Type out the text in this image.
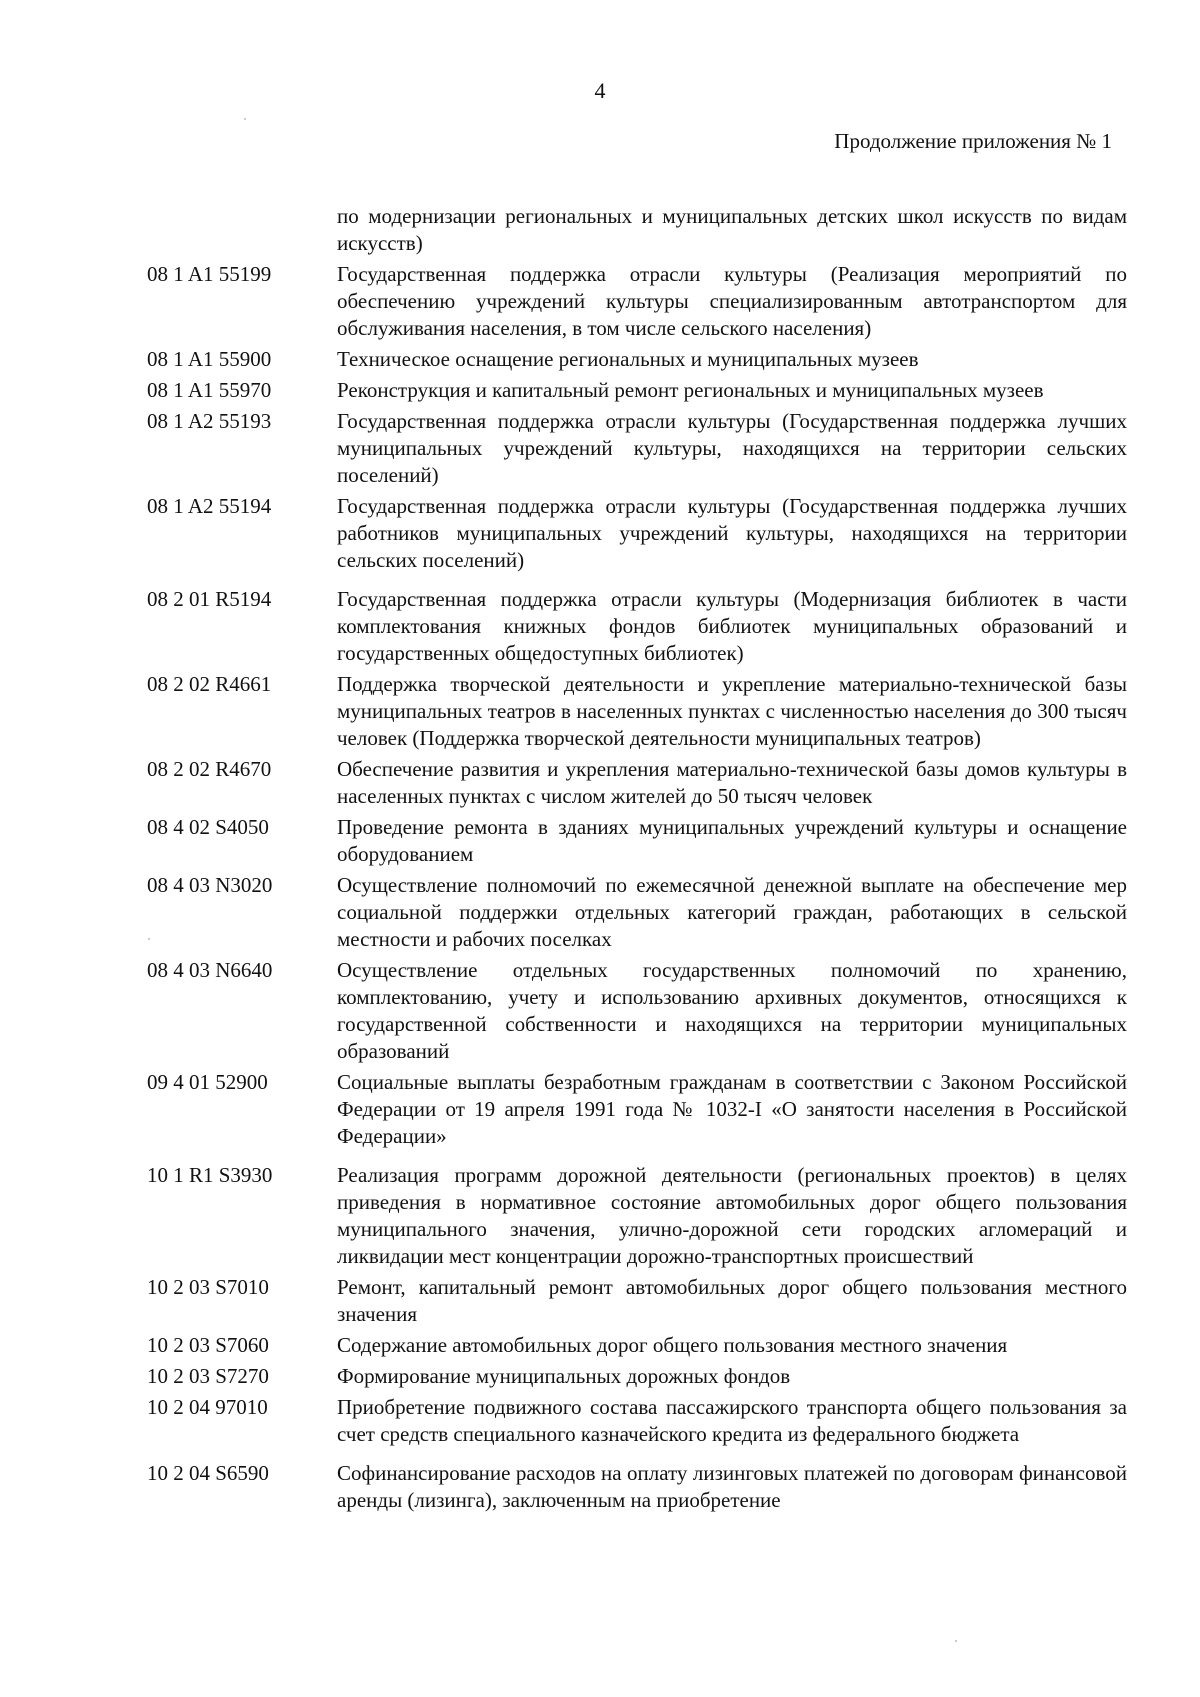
4
Продолжение приложения № 1
по модернизации региональных и муниципальных детских школ искусств по видам искусств)
08 1 A1 55199	Государственная поддержка отрасли культуры (Реализация мероприятий по обеспечению учреждений культуры специализированным автотранспортом для обслуживания населения, в том числе сельского населения)
08 1 A1 55900	Техническое оснащение региональных и муниципальных музеев
08 1 A1 55970	Реконструкция и капитальный ремонт региональных и муниципальных музеев
08 1 A2 55193	Государственная поддержка отрасли культуры (Государственная поддержка лучших муниципальных учреждений культуры, находящихся на территории сельских поселений)
08 1 A2 55194	Государственная поддержка отрасли культуры (Государственная поддержка лучших работников муниципальных учреждений культуры, находящихся на территории сельских поселений)
08 2 01 R5194	Государственная поддержка отрасли культуры (Модернизация библиотек в части комплектования книжных фондов библиотек муниципальных образований и государственных общедоступных библиотек)
08 2 02 R4661	Поддержка творческой деятельности и укрепление материально-технической базы муниципальных театров в населенных пунктах с численностью населения до 300 тысяч человек (Поддержка творческой деятельности муниципальных театров)
08 2 02 R4670	Обеспечение развития и укрепления материально-технической базы домов культуры в населенных пунктах с числом жителей до 50 тысяч человек
08 4 02 S4050	Проведение ремонта в зданиях муниципальных учреждений культуры и оснащение оборудованием
08 4 03 N3020	Осуществление полномочий по ежемесячной денежной выплате на обеспечение мер социальной поддержки отдельных категорий граждан, работающих в сельской местности и рабочих поселках
08 4 03 N6640	Осуществление отдельных государственных полномочий по хранению, комплектованию, учету и использованию архивных документов, относящихся к государственной собственности и находящихся на территории муниципальных образований
09 4 01 52900	Социальные выплаты безработным гражданам в соответствии с Законом Российской Федерации от 19 апреля 1991 года № 1032-I «О занятости населения в Российской Федерации»
10 1 R1 S3930	Реализация программ дорожной деятельности (региональных проектов) в целях приведения в нормативное состояние автомобильных дорог общего пользования муниципального значения, улично-дорожной сети городских агломераций и ликвидации мест концентрации дорожно-транспортных происшествий
10 2 03 S7010	Ремонт, капитальный ремонт автомобильных дорог общего пользования местного значения
10 2 03 S7060	Содержание автомобильных дорог общего пользования местного значения
10 2 03 S7270	Формирование муниципальных дорожных фондов
10 2 04 97010	Приобретение подвижного состава пассажирского транспорта общего пользования за счет средств специального казначейского кредита из федерального бюджета
10 2 04 S6590	Софинансирование расходов на оплату лизинговых платежей по договорам финансовой аренды (лизинга), заключенным на приобретение
